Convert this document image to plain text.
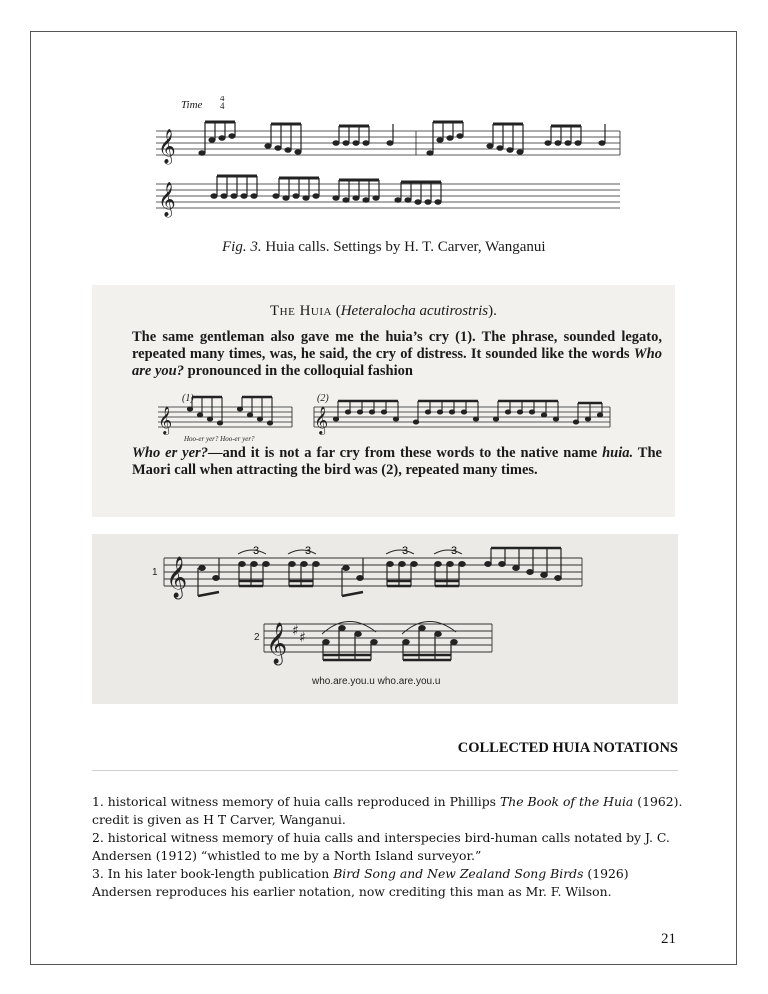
Time
4
4
𝄞
𝄞
Fig. 3. Huia calls. Settings by H. T. Carver, Wanganui
The Huia (Heteralocha acutirostris).
The same gentleman also gave me the huia’s cry (1). The phrase, sounded legato, repeated many times, was, he said, the cry of distress. It sounded like the words Who are you? pronounced in the colloquial fashion
(1)	(2)
𝄞	𝄞
Hoo-er yer? Hoo-er yer?
Who er yer?—and it is not a far cry from these words to the native name huia. The Maori call when attracting the bird was (2), repeated many times.
1
2
3	3	3	3
𝄞
𝄞 ♯ ♯
who.are.you.u who.are.you.u
COLLECTED HUIA NOTATIONS

1. historical witness memory of huia calls reproduced in Phillips The Book of the Huia (1962). credit is given as H T Carver, Wanganui.

2. historical witness memory of huia calls and interspecies bird-human calls notated by J. C. Andersen (1912) “whistled to me by a North Island surveyor.”

3. In his later book-length publication Bird Song and New Zealand Song Birds (1926) Andersen reproduces his earlier notation, now crediting this man as Mr. F. Wilson.

21
